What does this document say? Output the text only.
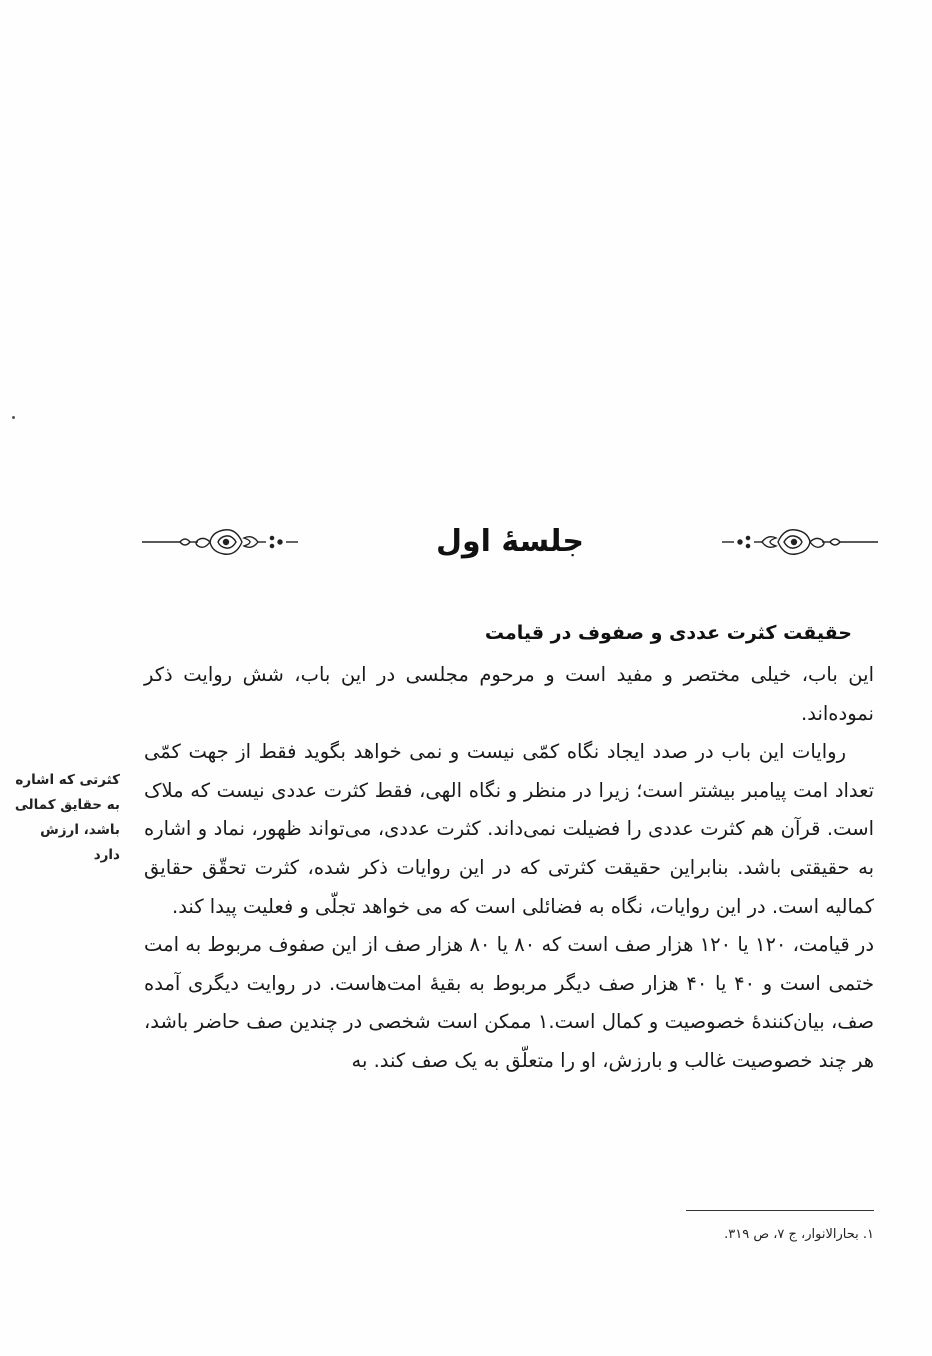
جلسهٔ اول
حقیقت کثرت عددی و صفوف در قیامت

این باب، خیلی مختصر و مفید است و مرحوم مجلسی در این باب، شش روایت ذکر نموده‌اند.

روایات این باب در صدد ایجاد نگاه کمّی نیست و نمی خواهد بگوید فقط از جهت کمّی تعداد امت پیامبر بیشتر است؛ زیرا در منظر و نگاه الهی، فقط کثرت عددی نیست که ملاک است. قرآن هم کثرت عددی را فضیلت نمی‌داند. کثرت عددی، می‌تواند ظهور، نماد و اشاره به حقیقتی باشد. بنابراین حقیقت کثرتی که در این روایات ذکر شده، کثرت تحقّق حقایق کمالیه است. در این روایات، نگاه به فضائلی است که می خواهد تجلّی و فعلیت پیدا کند.

در قیامت، ۱۲۰ یا ۱۲۰ هزار صف است که ۸۰ یا ۸۰ هزار صف از این صفوف مربوط به امت ختمی است و ۴۰ یا ۴۰ هزار صف دیگر مربوط به بقیهٔ امت‌هاست. در روایت دیگری آمده صف، بیان‌کنندهٔ خصوصیت و کمال است.۱ ممکن است شخصی در چندین صف حاضر باشد، هر چند خصوصیت غالب و بارزش، او را متعلّق به یک صف کند. به

کثرتی که اشاره به حقایق کمالی باشد، ارزش دارد
۱. بحارالانوار، ج ۷، ص ۳۱۹.
